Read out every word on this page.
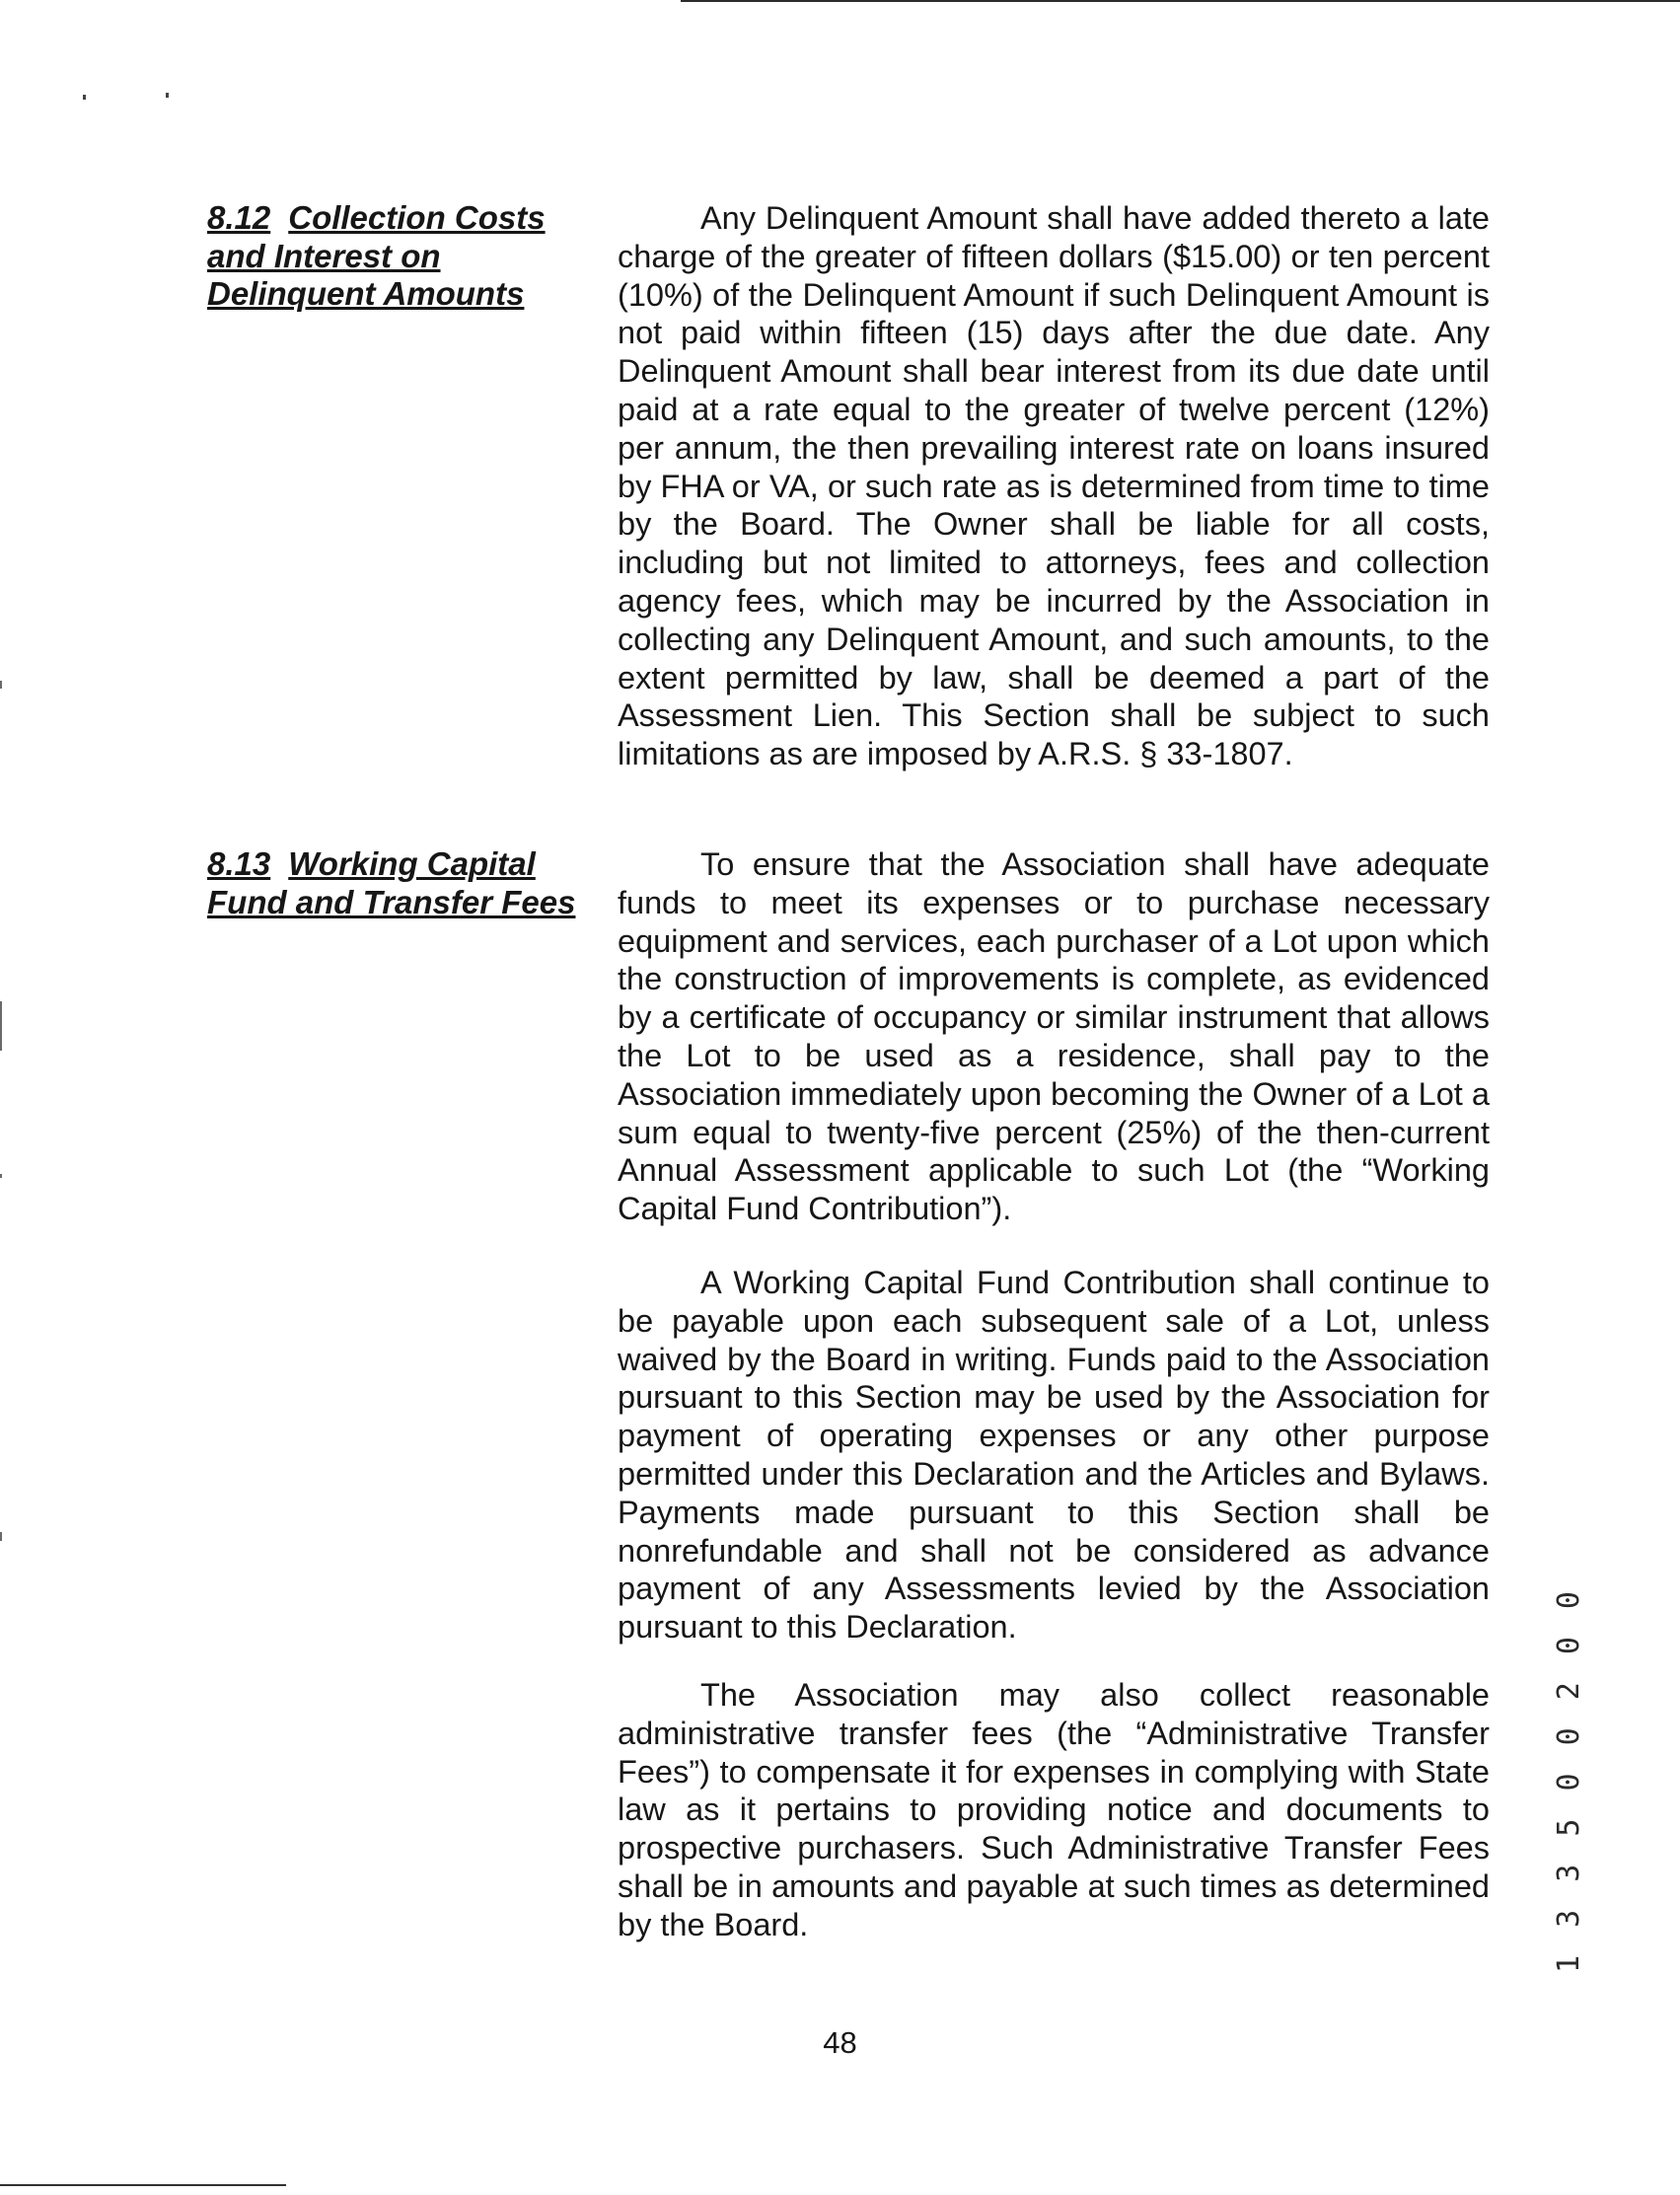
8.12 Collection Costs and Interest on Delinquent Amounts

Any Delinquent Amount shall have added thereto a late charge of the greater of fifteen dollars ($15.00) or ten percent (10%) of the Delinquent Amount if such Delinquent Amount is not paid within fifteen (15) days after the due date. Any Delinquent Amount shall bear interest from its due date until paid at a rate equal to the greater of twelve percent (12%) per annum, the then prevailing interest rate on loans insured by FHA or VA, or such rate as is determined from time to time by the Board. The Owner shall be liable for all costs, including but not limited to attorneys, fees and collection agency fees, which may be incurred by the Association in collecting any Delinquent Amount, and such amounts, to the extent permitted by law, shall be deemed a part of the Assessment Lien. This Section shall be subject to such limitations as are imposed by A.R.S. § 33-1807.

8.13 Working Capital Fund and Transfer Fees

To ensure that the Association shall have adequate funds to meet its expenses or to purchase necessary equipment and services, each purchaser of a Lot upon which the construction of improvements is complete, as evidenced by a certificate of occupancy or similar instrument that allows the Lot to be used as a residence, shall pay to the Association immediately upon becoming the Owner of a Lot a sum equal to twenty-five percent (25%) of the then-current Annual Assessment applicable to such Lot (the “Working Capital Fund Contribution”).

A Working Capital Fund Contribution shall continue to be payable upon each subsequent sale of a Lot, unless waived by the Board in writing. Funds paid to the Association pursuant to this Section may be used by the Association for payment of operating expenses or any other purpose permitted under this Declaration and the Articles and Bylaws. Payments made pursuant to this Section shall be nonrefundable and shall not be considered as advance payment of any Assessments levied by the Association pursuant to this Declaration.

The Association may also collect reasonable administrative transfer fees (the “Administrative Transfer Fees”) to compensate it for expenses in complying with State law as it pertains to providing notice and documents to prospective purchasers. Such Administrative Transfer Fees shall be in amounts and payable at such times as determined by the Board.

48
1 3 3 5 0 0 2 0 0
